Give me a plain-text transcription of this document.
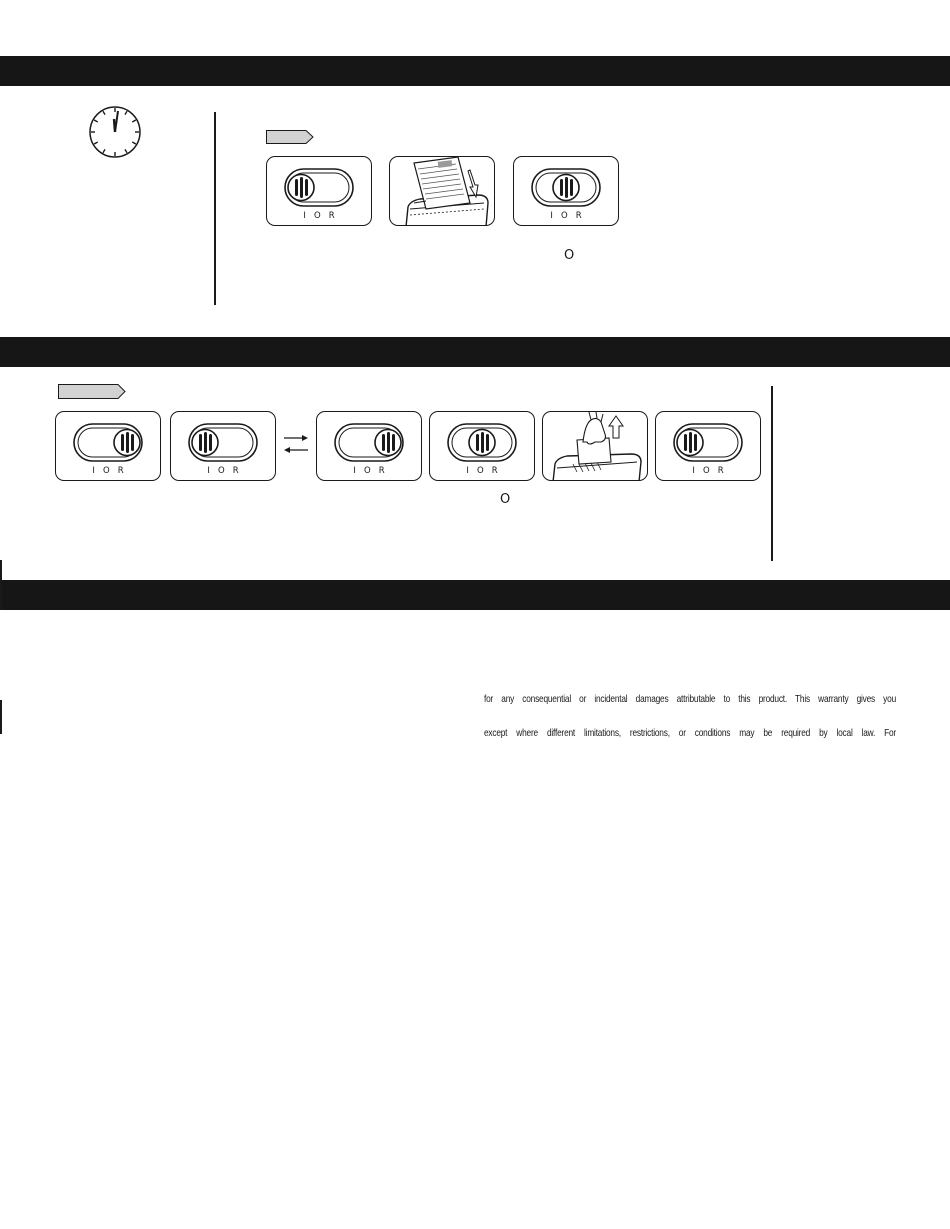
I   O   R	I   O   R
O
I   O   R	I   O   R	I   O   R	I   O   R	I   O   R
O
for any consequential or incidental damages attributable to this product. This warranty gives you
except where different limitations, restrictions, or conditions may be required by local law. For
